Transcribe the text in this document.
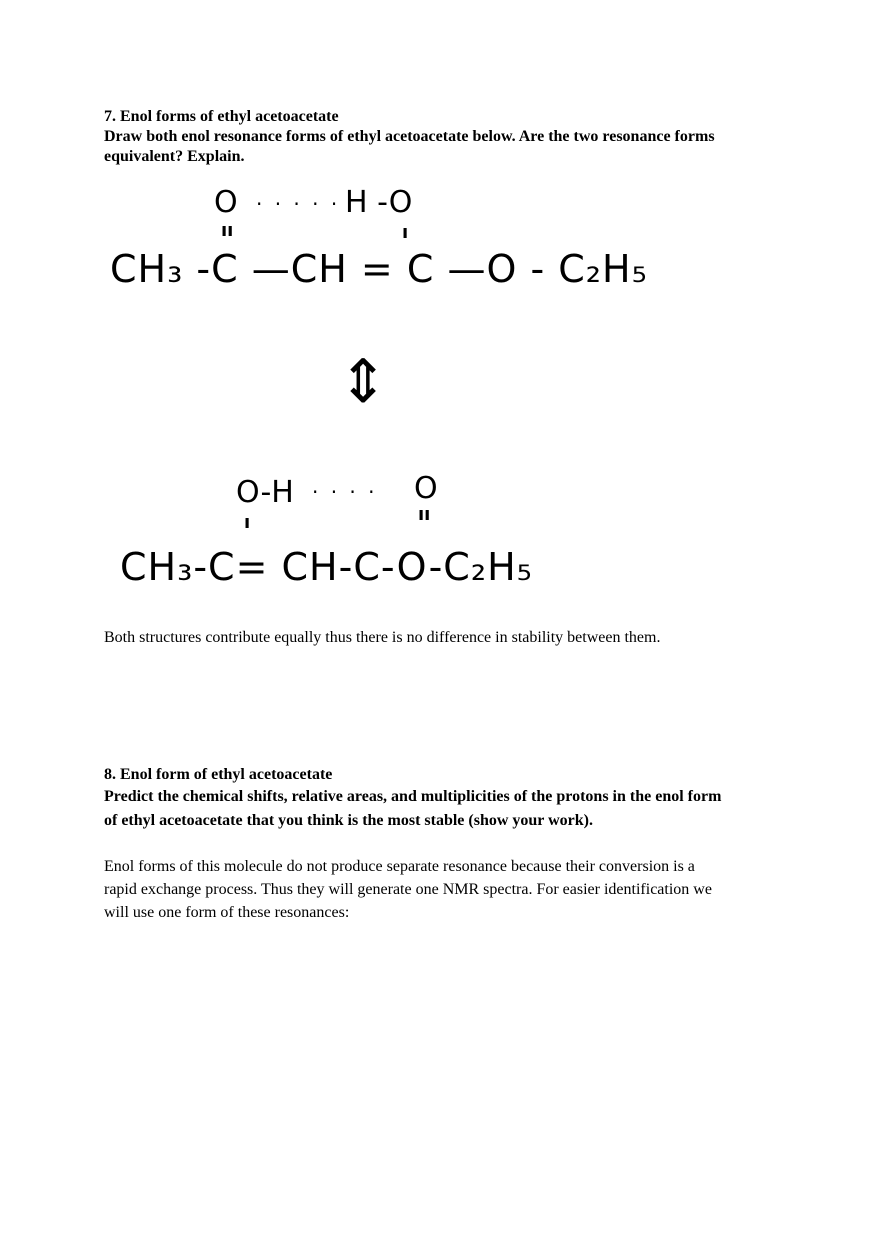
7. Enol forms of ethyl acetoacetate

Draw both enol resonance forms of ethyl acetoacetate below. Are the two resonance forms

equivalent? Explain.

O · · · · · H -O
ıı	ı
CH₃ -C —CH = C —O - C₂H₅
⇕
O-H · · · · O
ı	ıı
CH₃-C= CH-C-O-C₂H₅

Both structures contribute equally thus there is no difference in stability between them.

8. Enol form of ethyl acetoacetate

Predict the chemical shifts, relative areas, and multiplicities of the protons in the enol form

of ethyl acetoacetate that you think is the most stable (show your work).

Enol forms of this molecule do not produce separate resonance because their conversion is a

rapid exchange process. Thus they will generate one NMR spectra. For easier identification we

will use one form of these resonances:
